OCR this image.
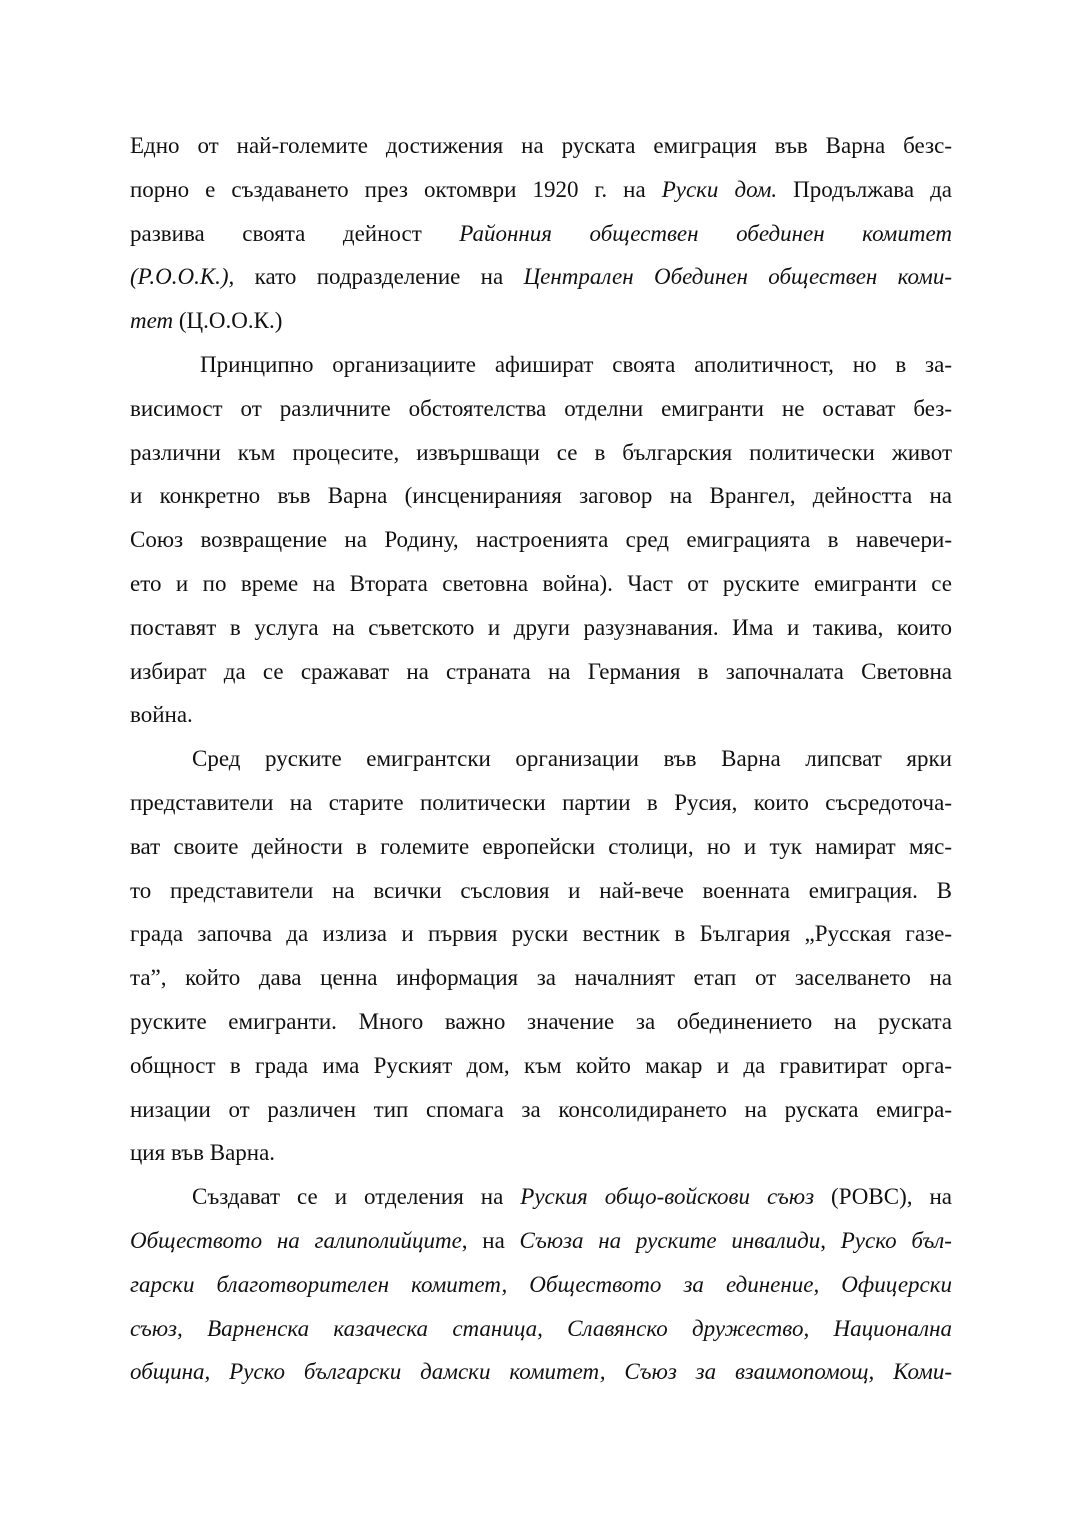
Едно от най-големите достижения на руската емиграция във Варна безс-
порно е създаването през октомври 1920 г. на Руски дом. Продължава да
развива своята дейност Районния обществен обединен комитет
(Р.О.О.К.), като подразделение на Централен Обединен обществен коми-
тет (Ц.О.О.К.)
Принципно организациите афишират своята аполитичност, но в за-
висимост от различните обстоятелства отделни емигранти не остават без-
различни към процесите, извършващи се в българския политически живот
и конкретно във Варна (инсцениранияя заговор на Врангел, дейността на
Союз возвращение на Родину, настроенията сред емиграцията в навечери-
ето и по време на Втората световна война). Част от руските емигранти се
поставят в услуга на съветското и други разузнавания. Има и такива, които
избират да се сражават на страната на Германия в започналата Световна
война.
Сред руските емигрантски организации във Варна липсват ярки
представители на старите политически партии в Русия, които съсредоточа-
ват своите дейности в големите европейски столици, но и тук намират мяс-
то представители на всички съсловия и най-вече военната емиграция. В
града започва да излиза и първия руски вестник в България „Русская газе-
та”, който дава ценна информация за началният етап от заселването на
руските емигранти. Много важно значение за обединението на руската
общност в града има Руският дом, към който макар и да гравитират орга-
низации от различен тип спомага за консолидирането на руската емигра-
ция във Варна.
Създават се и отделения на Руския общо-войскови съюз (РОВС), на
Обществото на галиполийците, на Съюза на руските инвалиди, Руско бъл-
гарски благотворителен комитет, Обществото за единение, Офицерски
съюз, Варненска казаческа станица, Славянско дружество, Национална
община, Руско български дамски комитет, Съюз за взаимопомощ, Коми-
